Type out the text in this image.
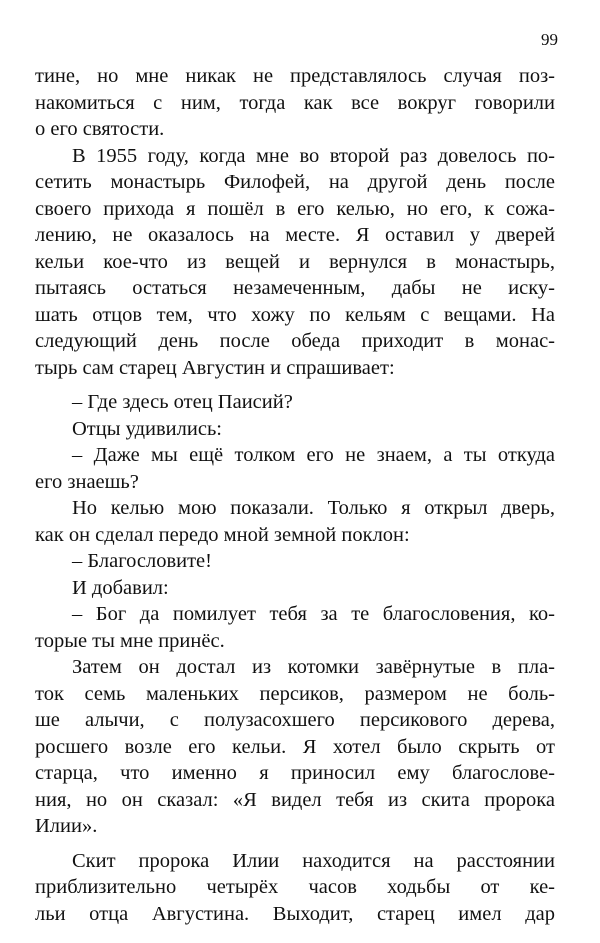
99
тине, но мне никак не представлялось случая поз-
накомиться с ним, тогда как все вокруг говорили
о его святости.
В 1955 году, когда мне во второй раз довелось по-
сетить монастырь Филофей, на другой день после
своего прихода я пошёл в его келью, но его, к сожа-
лению, не оказалось на месте. Я оставил у дверей
кельи кое-что из вещей и вернулся в монастырь,
пытаясь остаться незамеченным, дабы не иску-
шать отцов тем, что хожу по кельям с вещами. На
следующий день после обеда приходит в монас-
тырь сам старец Августин и спрашивает:
– Где здесь отец Паисий?
Отцы удивились:
– Даже мы ещё толком его не знаем, а ты откуда
его знаешь?
Но келью мою показали. Только я открыл дверь,
как он сделал передо мной земной поклон:
– Благословите!
И добавил:
– Бог да помилует тебя за те благословения, ко-
торые ты мне принёс.
Затем он достал из котомки завёрнутые в пла-
ток семь маленьких персиков, размером не боль-
ше алычи, с полузасохшего персикового дерева,
росшего возле его кельи. Я хотел было скрыть от
старца, что именно я приносил ему благослове-
ния, но он сказал: «Я видел тебя из скита пророка
Илии».
Скит пророка Илии находится на расстоянии
приблизительно четырёх часов ходьбы от ке-
льи отца Августина. Выходит, старец имел дар
